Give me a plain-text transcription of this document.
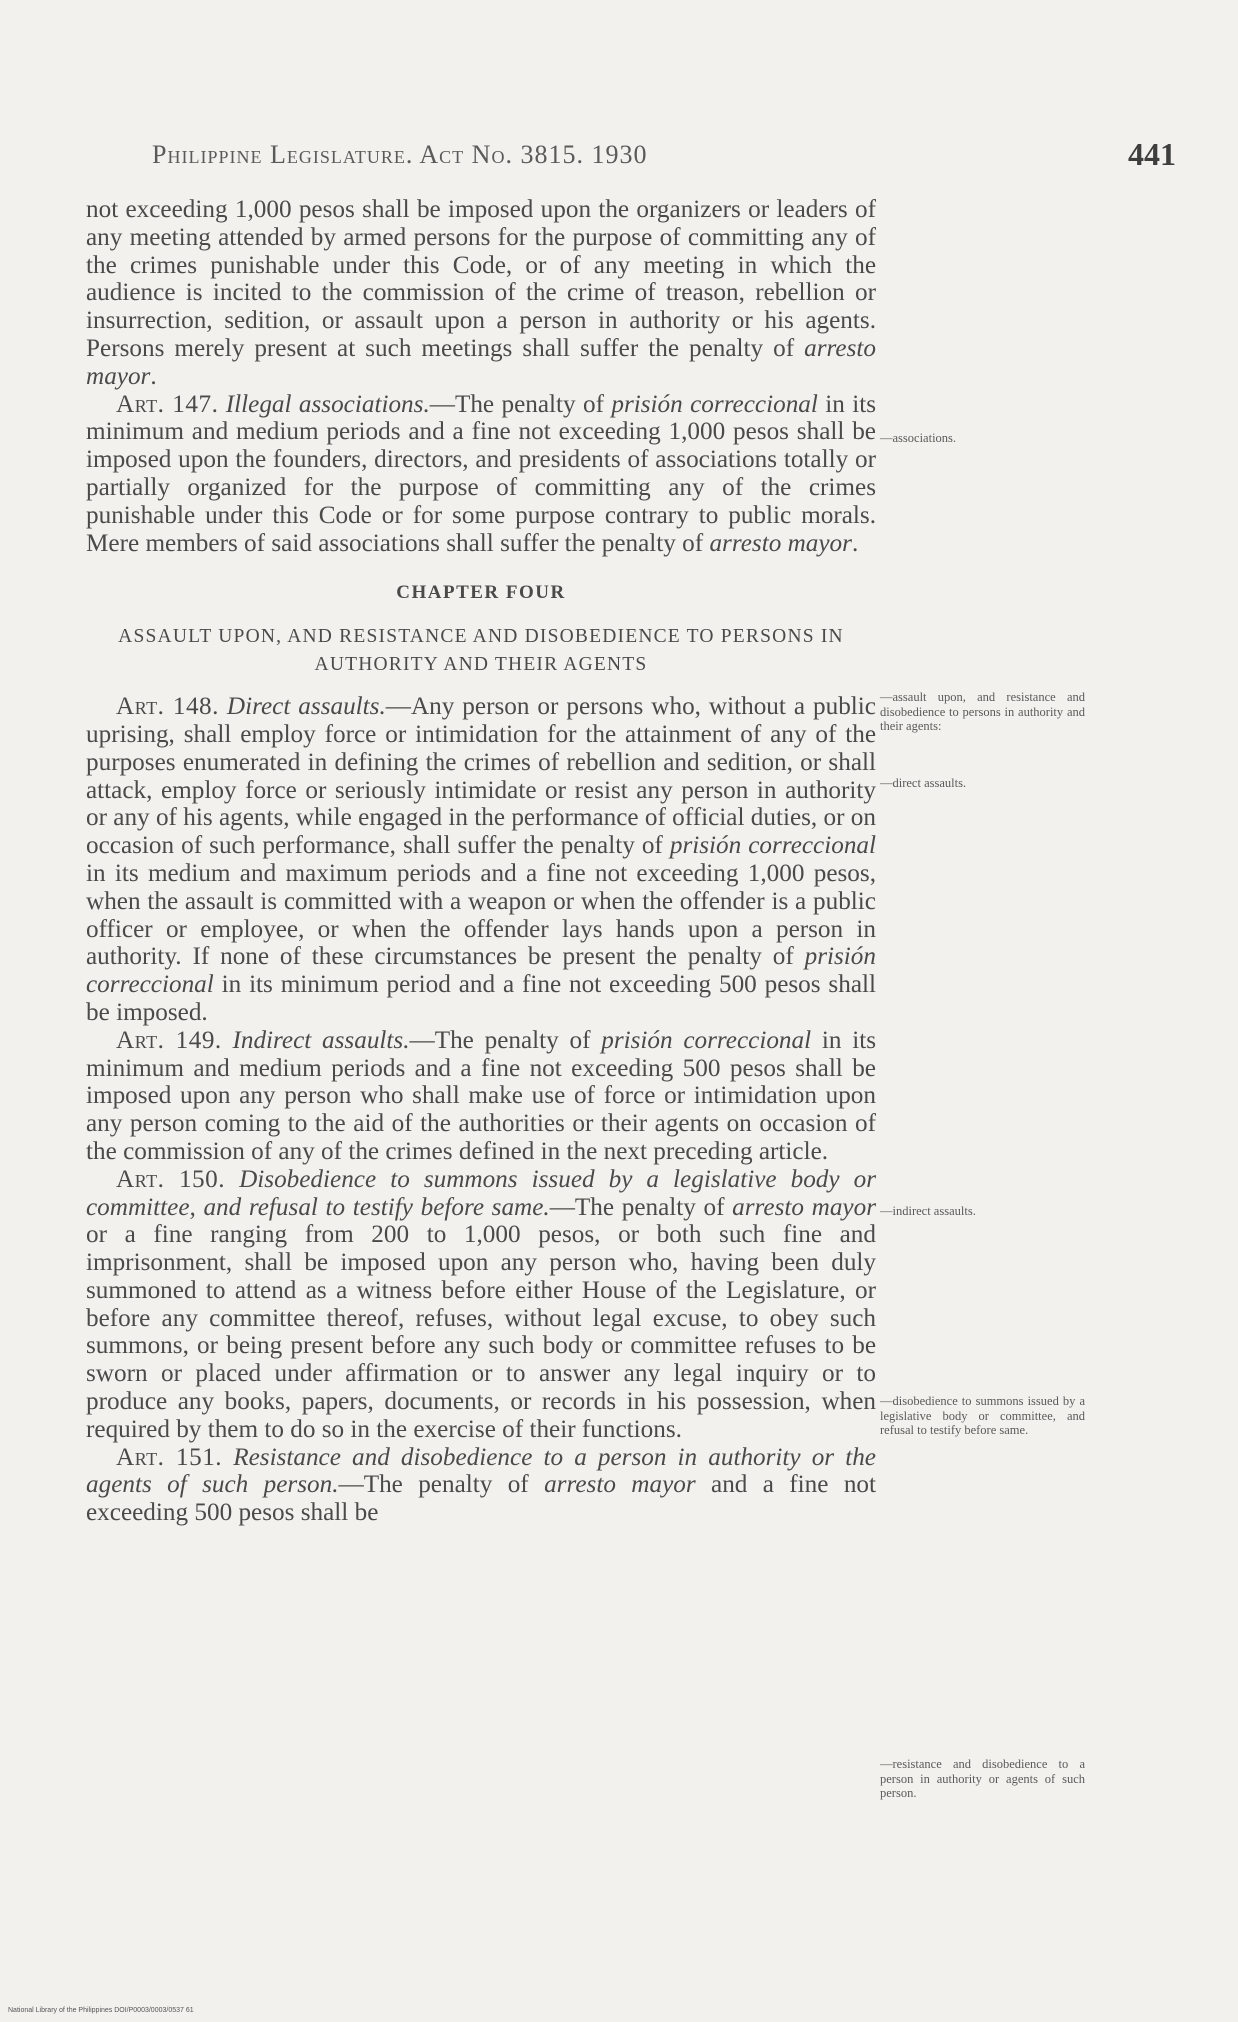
Philippine Legislature. Act No. 3815. 1930	441

not exceeding 1,000 pesos shall be imposed upon the organizers or leaders of any meeting attended by armed persons for the purpose of committing any of the crimes punishable under this Code, or of any meeting in which the audience is incited to the commission of the crime of treason, rebellion or insurrection, sedition, or assault upon a person in authority or his agents. Persons merely present at such meetings shall suffer the penalty of arresto mayor.

Art. 147. Illegal associations.—The penalty of prisión correccional in its minimum and medium periods and a fine not exceeding 1,000 pesos shall be imposed upon the founders, directors, and presidents of associations totally or partially organized for the purpose of committing any of the crimes punishable under this Code or for some purpose contrary to public morals. Mere members of said associations shall suffer the penalty of arresto mayor.

CHAPTER FOUR
ASSAULT UPON, AND RESISTANCE AND DISOBEDIENCE TO PERSONS IN AUTHORITY AND THEIR AGENTS

Art. 148. Direct assaults.—Any person or persons who, without a public uprising, shall employ force or intimidation for the attainment of any of the purposes enumerated in defining the crimes of rebellion and sedition, or shall attack, employ force or seriously intimidate or resist any person in authority or any of his agents, while engaged in the performance of official duties, or on occasion of such performance, shall suffer the penalty of prisión correccional in its medium and maximum periods and a fine not exceeding 1,000 pesos, when the assault is committed with a weapon or when the offender is a public officer or employee, or when the offender lays hands upon a person in authority. If none of these circumstances be present the penalty of prisión correccional in its minimum period and a fine not exceeding 500 pesos shall be imposed.

Art. 149. Indirect assaults.—The penalty of prisión correccional in its minimum and medium periods and a fine not exceeding 500 pesos shall be imposed upon any person who shall make use of force or intimidation upon any person coming to the aid of the authorities or their agents on occasion of the commission of any of the crimes defined in the next preceding article.

Art. 150. Disobedience to summons issued by a legislative body or committee, and refusal to testify before same.—The penalty of arresto mayor or a fine ranging from 200 to 1,000 pesos, or both such fine and imprisonment, shall be imposed upon any person who, having been duly summoned to attend as a witness before either House of the Legislature, or before any committee thereof, refuses, without legal excuse, to obey such summons, or being present before any such body or committee refuses to be sworn or placed under affirmation or to answer any legal inquiry or to produce any books, papers, documents, or records in his possession, when required by them to do so in the exercise of their functions.

Art. 151. Resistance and disobedience to a person in authority or the agents of such person.—The penalty of arresto mayor and a fine not exceeding 500 pesos shall be

—associations.
—assault upon, and resistance and disobedience to persons in authority and their agents:
—direct assaults.
—indirect assaults.
—disobedience to summons issued by a legislative body or committee, and refusal to testify before same.
—resistance and disobedience to a person in authority or agents of such person.
National Library of the Philippines DOI/P0003/0003/0537 61
